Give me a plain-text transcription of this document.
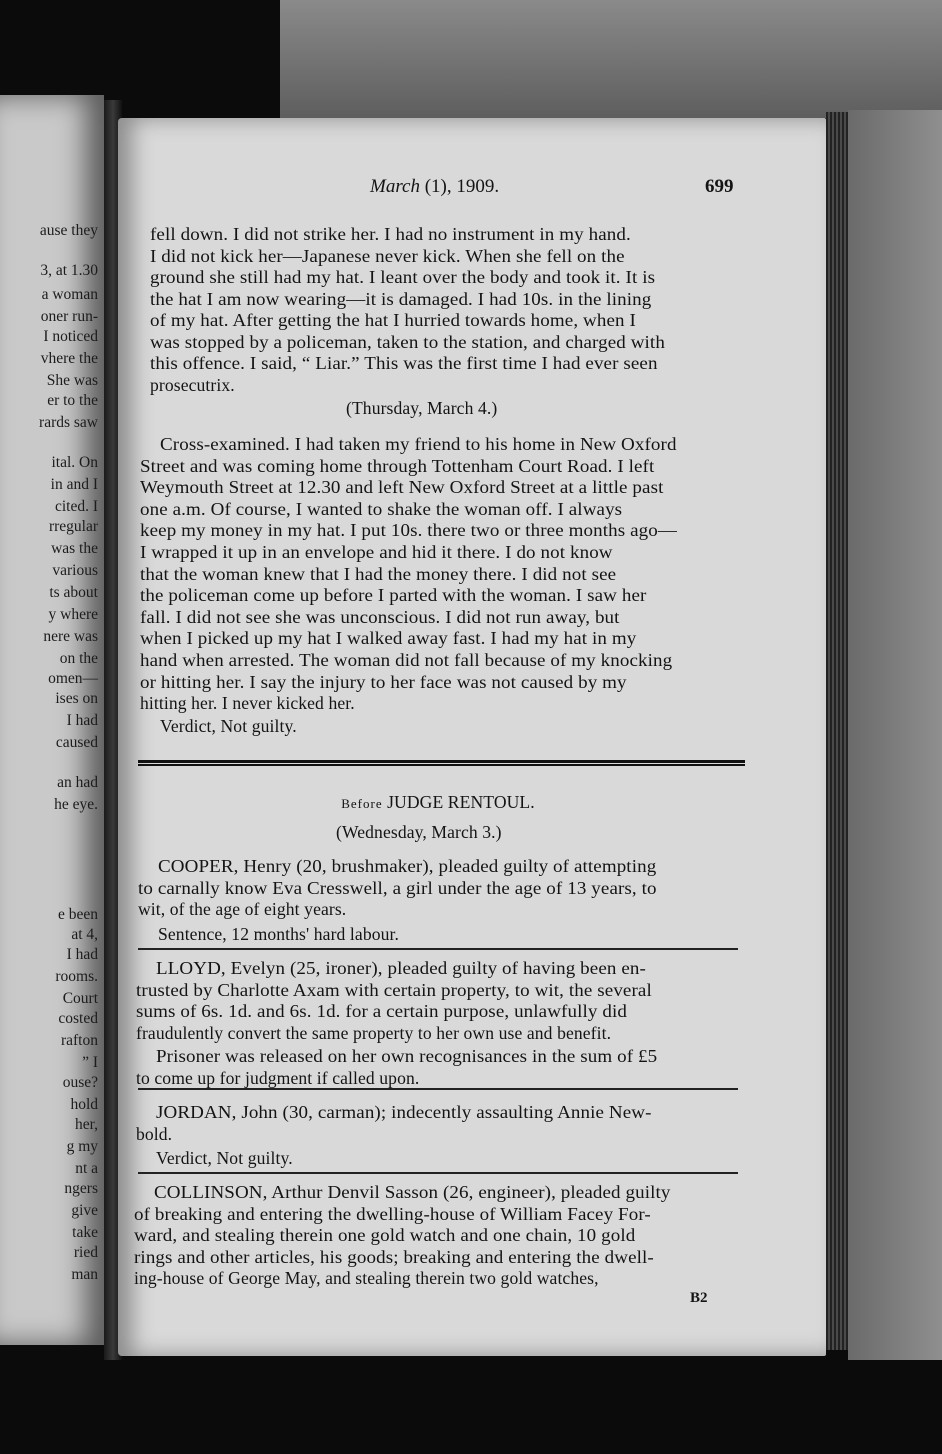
ause they
3, at 1.30
a woman
oner run-
I noticed
vhere the
She was
er to the
rards saw
ital. On
in and I
cited. I
rregular
was the
various
ts about
y where
nere was
on the
omen—
ises on
I had
caused
an had
he eye.
e been
at 4,
I had
rooms.
Court
costed
rafton
” I
ouse?
hold
her,
g my
nt a
ngers
give
take
ried
man
March (1), 1909.	699
fell down. I did not strike her. I had no instrument in my hand.
I did not kick her—Japanese never kick. When she fell on the
ground she still had my hat. I leant over the body and took it. It is
the hat I am now wearing—it is damaged. I had 10s. in the lining
of my hat. After getting the hat I hurried towards home, when I
was stopped by a policeman, taken to the station, and charged with
this offence. I said, “ Liar.” This was the first time I had ever seen
prosecutrix.
(Thursday, March 4.)
Cross-examined. I had taken my friend to his home in New Oxford
Street and was coming home through Tottenham Court Road. I left
Weymouth Street at 12.30 and left New Oxford Street at a little past
one a.m. Of course, I wanted to shake the woman off. I always
keep my money in my hat. I put 10s. there two or three months ago—
I wrapped it up in an envelope and hid it there. I do not know
that the woman knew that I had the money there. I did not see
the policeman come up before I parted with the woman. I saw her
fall. I did not see she was unconscious. I did not run away, but
when I picked up my hat I walked away fast. I had my hat in my
hand when arrested. The woman did not fall because of my knocking
or hitting her. I say the injury to her face was not caused by my
hitting her. I never kicked her.
Verdict, Not guilty.
(Wednesday, March 3.)
COOPER, Henry (20, brushmaker), pleaded guilty of attempting
to carnally know Eva Cresswell, a girl under the age of 13 years, to
wit, of the age of eight years.
Sentence, 12 months' hard labour.
LLOYD, Evelyn (25, ironer), pleaded guilty of having been en-
trusted by Charlotte Axam with certain property, to wit, the several
sums of 6s. 1d. and 6s. 1d. for a certain purpose, unlawfully did
fraudulently convert the same property to her own use and benefit.
Prisoner was released on her own recognisances in the sum of £5
to come up for judgment if called upon.
JORDAN, John (30, carman); indecently assaulting Annie New-
bold.
Verdict, Not guilty.
COLLINSON, Arthur Denvil Sasson (26, engineer), pleaded guilty
of breaking and entering the dwelling-house of William Facey For-
ward, and stealing therein one gold watch and one chain, 10 gold
rings and other articles, his goods; breaking and entering the dwell-
ing-house of George May, and stealing therein two gold watches,
Before JUDGE RENTOUL.
B2
